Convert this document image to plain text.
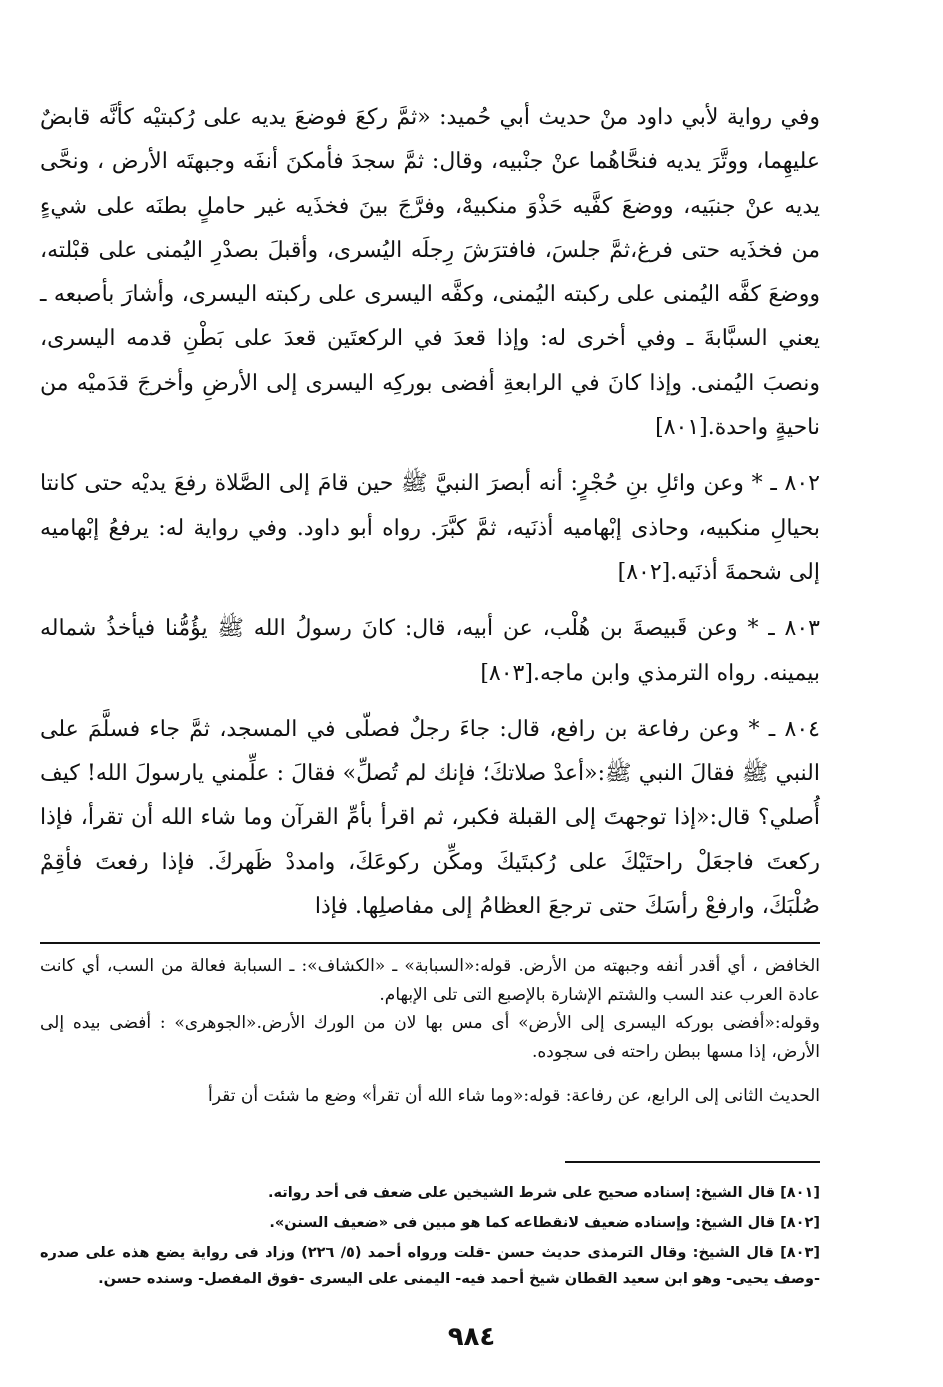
وفي رواية لأبي داود منْ حديث أبي حُميد: «ثمَّ ركعَ فوضعَ يديه على رُكبتيْه كأنَّه قابضٌ عليهِما، ووتَّرَ يديه فنحَّاهُما عنْ جنْبيه، وقال: ثمَّ سجدَ فأمكنَ أنفَه وجبهتَه الأرض ، ونحَّى يديه عنْ جنبَيه، ووضعَ كفَّيه حَذْوَ منكبيهْ، وفرَّجَ بينَ فخذَيه غير حاملٍ بطنَه على شيءٍ من فخذَيه حتى فرغ،ثمَّ جلسَ، فافترَشَ رِجلَه اليُسرى، وأقبلَ بصدْرِ اليُمنى على قبْلته، ووضعَ كفَّه اليُمنى على ركبته اليُمنى، وكفَّه اليسرى على ركبته اليسرى، وأشارَ بأصبعه ـ يعني السبَّابةَ ـ وفي أخرى له: وإذا قعدَ في الركعتَين قعدَ على بَطْنِ قدمه اليسرى، ونصبَ اليُمنى. وإذا كانَ في الرابعةِ أفضى بوركِه اليسرى إلى الأرضِ وأخرجَ قدَميْه من ناحيةٍ واحدة.[٨٠١]

٨٠٢ ـ * وعن وائلِ بنِ حُجْرٍ: أنه أبصرَ النبيَّ ﷺ حين قامَ إلى الصَّلاة رفعَ يديْه حتى كانتا بحيالِ منكبيه، وحاذى إبْهاميه أذنَيه، ثمَّ كبَّرَ. رواه أبو داود. وفي رواية له: يرفعُ إبْهاميه إلى شحمةَ أذنَيه.[٨٠٢]

٨٠٣ ـ * وعن قَبيصةَ بن هُلْب، عن أبيه، قال: كانَ رسولُ الله ﷺ يؤُمُّنا فيأخذُ شماله بيمينه. رواه الترمذي وابن ماجه.[٨٠٣]

٨٠٤ ـ * وعن رفاعة بن رافع، قال: جاءَ رجلٌ فصلّى في المسجد، ثمَّ جاء فسلَّمَ على النبي ﷺ فقالَ النبي ﷺ:«أعدْ صلاتكَ؛ فإنك لم تُصلِّ» فقالَ : علِّمني يارسولَ الله! كيف أُصلي؟ قال:«إذا توجهتَ إلى القبلة فكبر، ثم اقرأ بأمِّ القرآن وما شاء الله أن تقرأ، فإذا ركعتَ فاجعَلْ راحتَيْكَ على رُكبتَيكَ ومكِّن ركوعَكَ، وامددْ ظَهركَ. فإذا رفعتَ فأقِمْ صُلْبَكَ، وارفعْ رأسَكَ حتى ترجعَ العظامُ إلى مفاصلِها. فإذا

الخافض ، أي أقدر أنفه وجبهته من الأرض. قوله:«السبابة» ـ «الكشاف»: ـ السبابة فعالة من السب، أي كانت عادة العرب عند السب والشتم الإشارة بالإصبع التى تلى الإبهام.

وقوله:«أفضى بوركه اليسرى إلى الأرض» أى مس بها لان من الورك الأرض.«الجوهرى» : أفضى بيده إلى الأرض، إذا مسها ببطن راحته فى سجوده.

الحديث الثانى إلى الرابع، عن رفاعة: قوله:«وما شاء الله أن تقرأ» وضع ما شئت أن تقرأ

[٨٠١] قال الشيخ: إسناده صحيح على شرط الشيخين على ضعف فى أحد رواته.

[٨٠٢] قال الشيخ: وإسناده ضعيف لانقطاعه كما هو مبين فى «ضعيف السنن».

[٨٠٣] قال الشيخ: وقال الترمذى حديث حسن -قلت ورواه أحمد (٥/ ٢٢٦) وزاد فى رواية يضع هذه على صدره -وصف يحيى- وهو ابن سعيد القطان شيخ أحمد فيه- اليمنى على اليسرى -فوق المفصل- وسنده حسن.

٩٨٤
